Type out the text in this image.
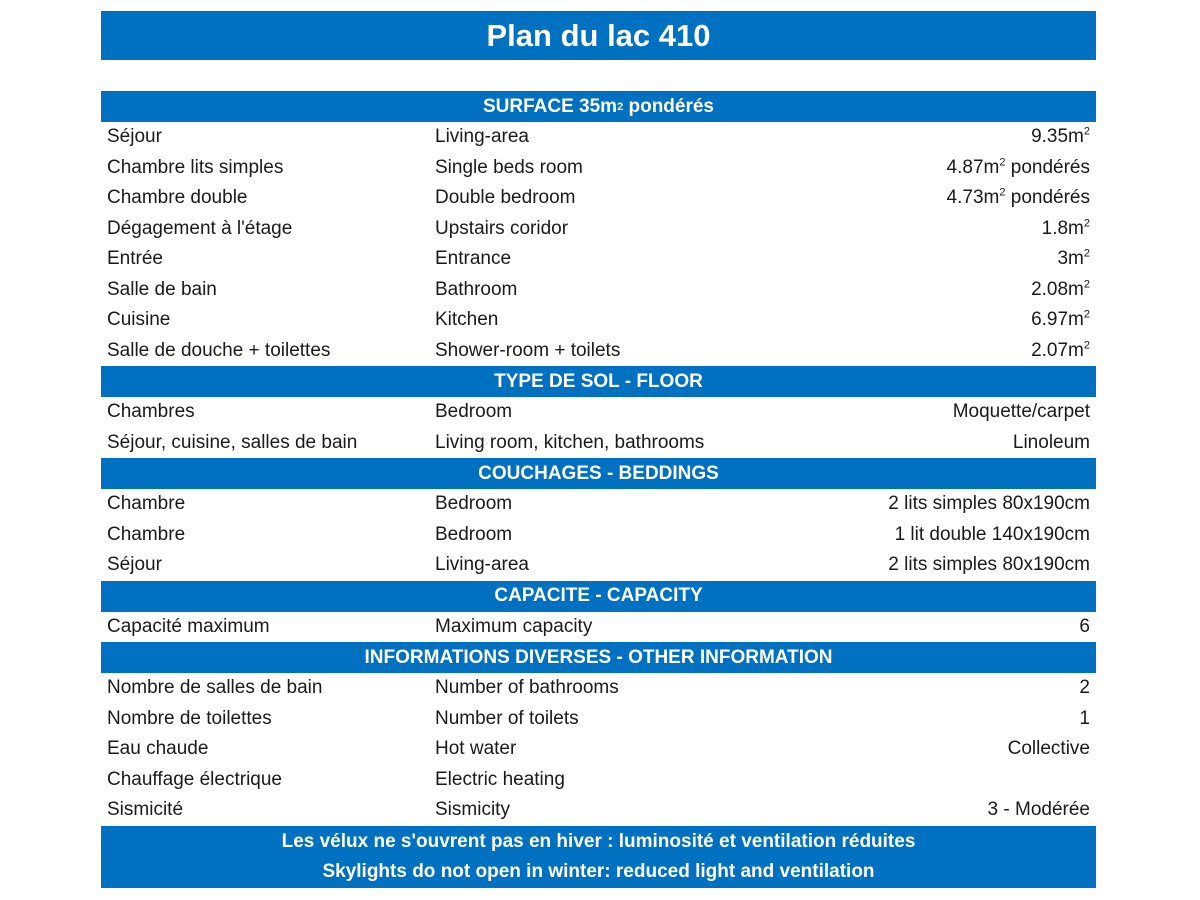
Plan du lac 410
SURFACE 35m 2 pondérés
Séjour	Living-area	$9.35m^2$
Chambre lits simples	Single beds room	$4.87m^2$ pondérés
Chambre double	Double bedroom	$4.73m^2$ pondérés
Dégagement à l'étage	Upstairs coridor	$1.8m^2$
Entrée	Entrance	$3m^2$
Salle de bain	Bathroom	$2.08m^2$
Cuisine	Kitchen	$6.97m^2$
Salle de douche + toilettes	Shower-room + toilets	$2.07m^2$
TYPE DE SOL - FLOOR
Chambres	Bedroom	Moquette/carpet
Séjour, cuisine, salles de bain	Living room, kitchen, bathrooms	Linoleum
COUCHAGES - BEDDINGS
Chambre	Bedroom	2 lits simples 80x190cm
Chambre	Bedroom	1 lit double 140x190cm
Séjour	Living-area	2 lits simples 80x190cm
CAPACITE - CAPACITY
Capacité maximum	Maximum capacity	6
INFORMATIONS DIVERSES - OTHER INFORMATION
Nombre de salles de bain	Number of bathrooms	2
Nombre de toilettes	Number of toilets	1
Eau chaude	Hot water	Collective
Chauffage électrique	Electric heating
Sismicité	Sismicity	3 - Modérée
Les vélux ne s'ouvrent pas en hiver : luminosité et ventilation réduites
Skylights do not open in winter: reduced light and ventilation
